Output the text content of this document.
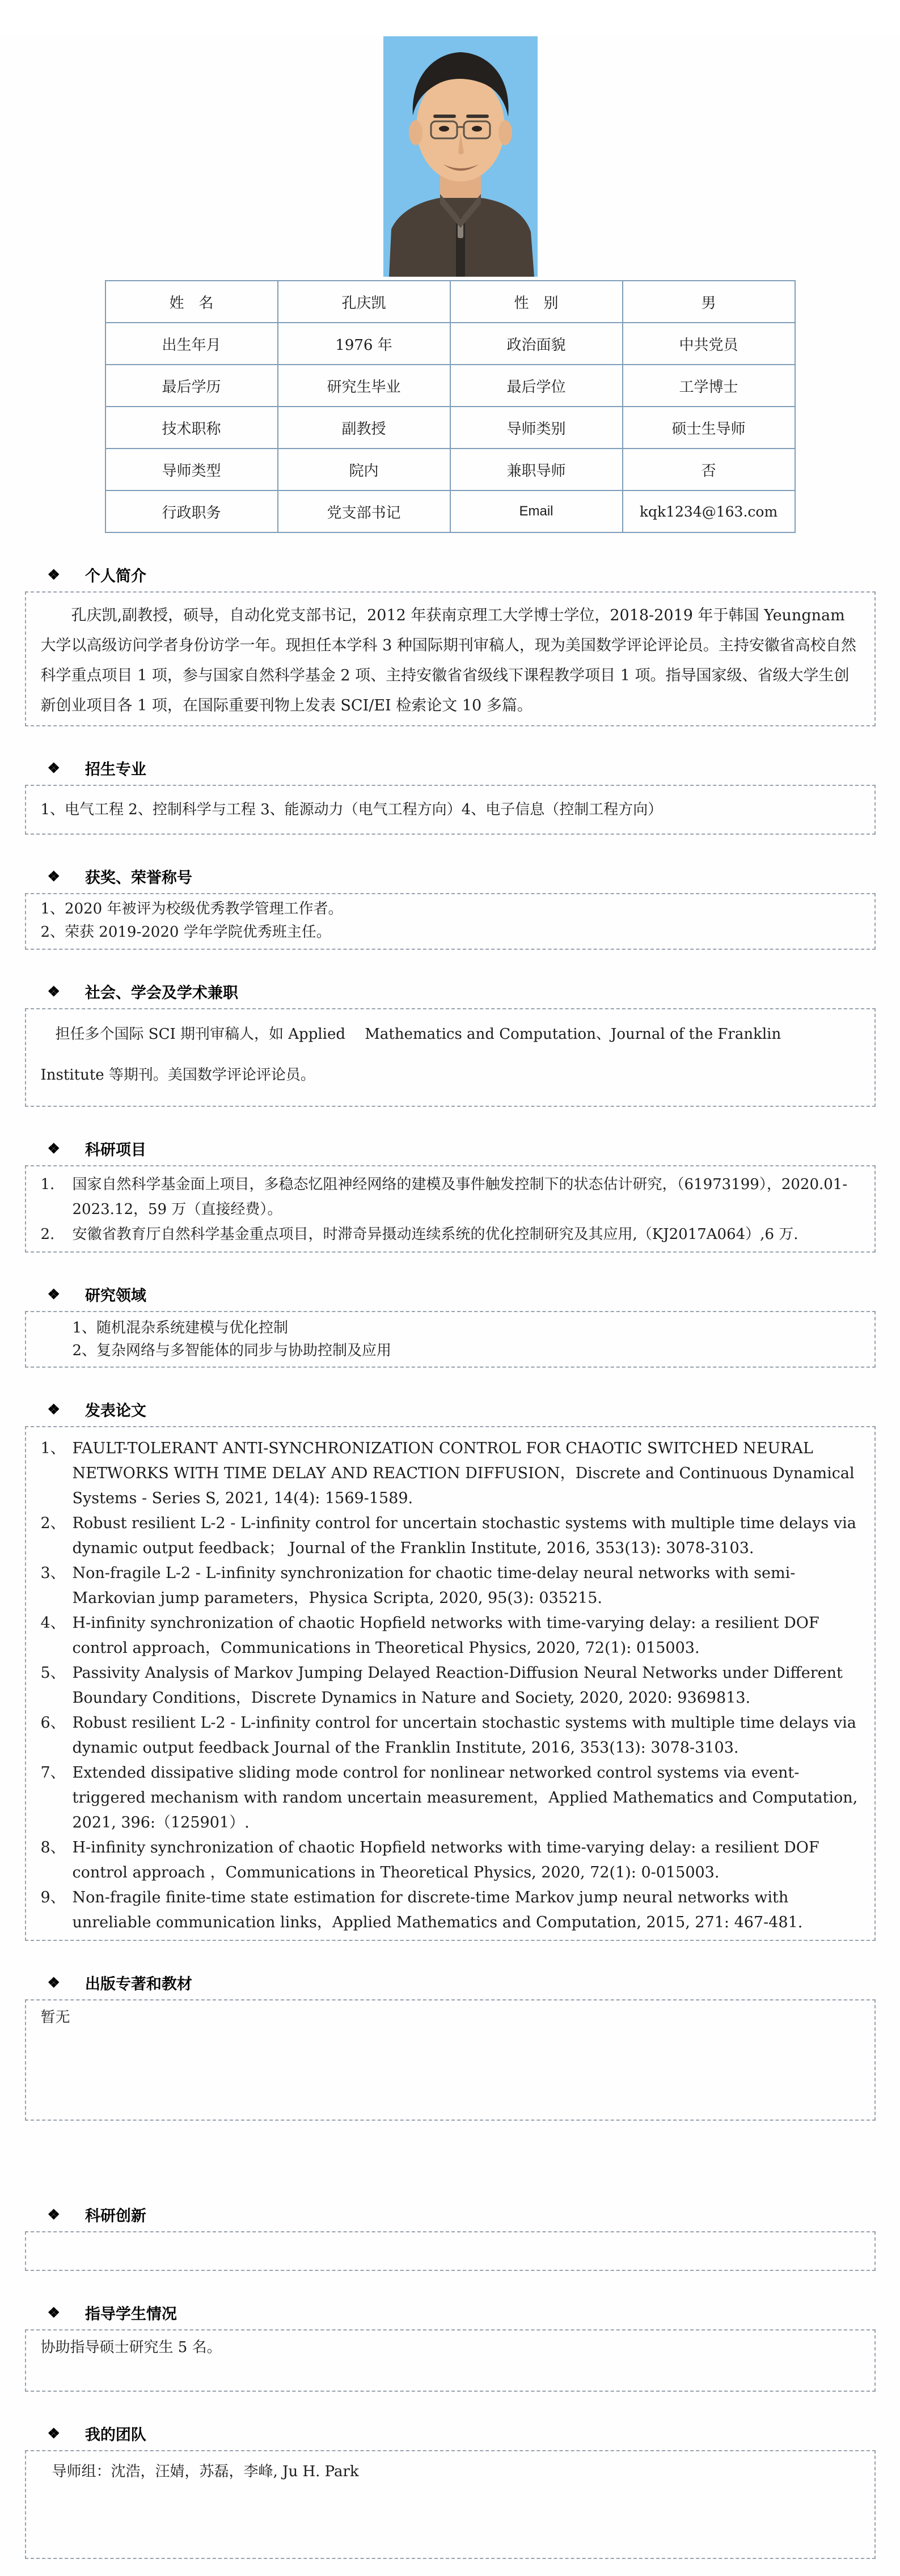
姓　名	孔庆凯	性　别	男
出生年月	1976 年	政治面貌	中共党员
最后学历	研究生毕业	最后学位	工学博士
技术职称	副教授	导师类别	硕士生导师
导师类型	院内	兼职导师	否
行政职务	党支部书记	Email	kqk1234@163.com
❖ 个人简介

孔庆凯,副教授，硕导，自动化党支部书记，2012 年获南京理工大学博士学位，2018-2019 年于韩国 Yeungnam 大学以高级访问学者身份访学一年。现担任本学科 3 种国际期刊审稿人，现为美国数学评论评论员。主持安徽省高校自然科学重点项目 1 项，参与国家自然科学基金 2 项、主持安徽省省级线下课程教学项目 1 项。指导国家级、省级大学生创新创业项目各 1 项，在国际重要刊物上发表 SCI/EI 检索论文 10 多篇。

❖ 招生专业

1、电气工程 2、控制科学与工程 3、能源动力（电气工程方向）4、电子信息（控制工程方向）

❖ 获奖、荣誉称号

1、2020 年被评为校级优秀教学管理工作者。

2、荣获 2019-2020 学年学院优秀班主任。

❖ 社会、学会及学术兼职

担任多个国际 SCI 期刊审稿人，如 Applied　 Mathematics and Computation、Journal of the Franklin　 Institute 等期刊。美国数学评论评论员。

❖ 科研项目
1.	国家自然科学基金面上项目，多稳态忆阻神经网络的建模及事件触发控制下的状态估计研究，（61973199），2020.01-2023.12，59 万（直接经费）。
2.	安徽省教育厅自然科学基金重点项目，时滞奇异摄动连续系统的优化控制研究及其应用,（KJ2017A064）,6 万.
❖ 研究领域

1、随机混杂系统建模与优化控制

2、复杂网络与多智能体的同步与协助控制及应用

❖ 发表论文
1、 FAULT-TOLERANT ANTI-SYNCHRONIZATION CONTROL FOR CHAOTIC SWITCHED NEURAL NETWORKS WITH TIME DELAY AND REACTION DIFFUSION，Discrete and Continuous Dynamical Systems - Series S, 2021, 14(4): 1569-1589.
2、 Robust resilient L-2 - L-infinity control for uncertain stochastic systems with multiple time delays via dynamic output feedback； Journal of the Franklin Institute, 2016, 353(13): 3078-3103.
3、 Non-fragile L-2 - L-infinity synchronization for chaotic time-delay neural networks with semi-Markovian jump parameters，Physica Scripta, 2020, 95(3): 035215.
4、 H-infinity synchronization of chaotic Hopfield networks with time-varying delay: a resilient DOF control approach，Communications in Theoretical Physics, 2020, 72(1): 015003.
5、 Passivity Analysis of Markov Jumping Delayed Reaction-Diffusion Neural Networks under Different Boundary Conditions，Discrete Dynamics in Nature and Society, 2020, 2020: 9369813.
6、 Robust resilient L-2 - L-infinity control for uncertain stochastic systems with multiple time delays via dynamic output feedback Journal of the Franklin Institute, 2016, 353(13): 3078-3103.
7、 Extended dissipative sliding mode control for nonlinear networked control systems via event-triggered mechanism with random uncertain measurement，Applied Mathematics and Computation, 2021, 396:（125901）.
8、 H-infinity synchronization of chaotic Hopfield networks with time-varying delay: a resilient DOF control approach ，Communications in Theoretical Physics, 2020, 72(1): 0-015003.
9、 Non-fragile finite-time state estimation for discrete-time Markov jump neural networks with unreliable communication links，Applied Mathematics and Computation, 2015, 271: 467-481.
❖ 出版专著和教材

暂无

❖ 科研创新

❖ 指导学生情况

协助指导硕士研究生 5 名。

❖ 我的团队

导师组：沈浩，汪婧，苏磊，李峰, Ju H. Park
